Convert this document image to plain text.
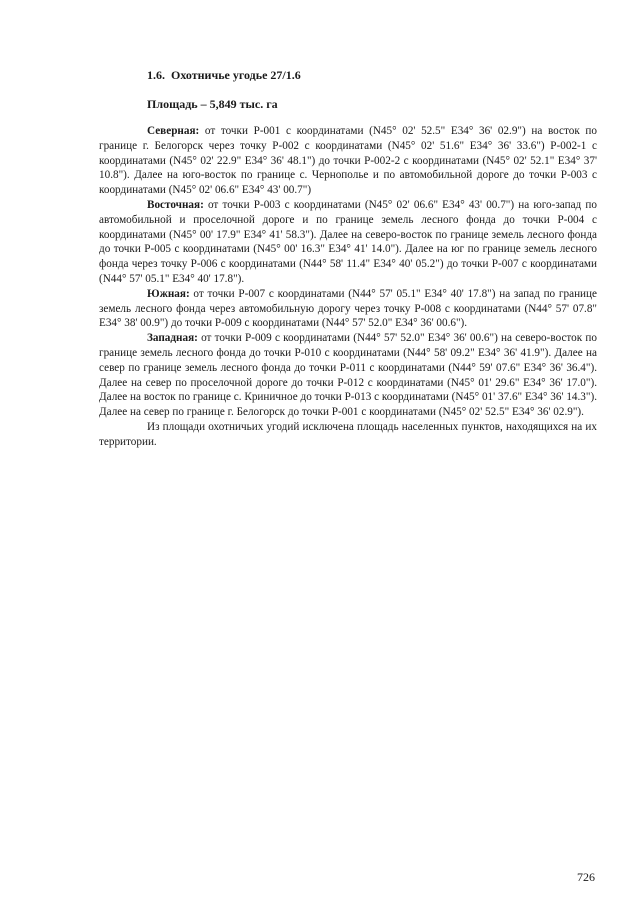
1.6. Охотничье угодье 27/1.6
Площадь – 5,849 тыс. га

Северная: от точки Р-001 с координатами (N45° 02' 52.5" E34° 36' 02.9") на восток по границе г. Белогорск через точку Р-002 с координатами (N45° 02' 51.6" E34° 36' 33.6") Р-002-1 с координатами (N45° 02' 22.9" E34° 36' 48.1") до точки Р-002-2 с координатами (N45° 02' 52.1" E34° 37' 10.8"). Далее на юго-восток по границе с. Чернополье и по автомобильной дороге до точки Р-003 с координатами (N45° 02' 06.6" E34° 43' 00.7")

Восточная: от точки Р-003 с координатами (N45° 02' 06.6" E34° 43' 00.7") на юго-запад по автомобильной и проселочной дороге и по границе земель лесного фонда до точки Р-004 с координатами (N45° 00' 17.9" E34° 41' 58.3"). Далее на северо-восток по границе земель лесного фонда до точки Р-005 с координатами (N45° 00' 16.3" E34° 41' 14.0"). Далее на юг по границе земель лесного фонда через точку Р-006 с координатами (N44° 58' 11.4" E34° 40' 05.2") до точки Р-007 с координатами (N44° 57' 05.1" E34° 40' 17.8").

Южная: от точки Р-007 с координатами (N44° 57' 05.1" E34° 40' 17.8") на запад по границе земель лесного фонда через автомобильную дорогу через точку Р-008 с координатами (N44° 57' 07.8" E34° 38' 00.9") до точки Р-009 с координатами (N44° 57' 52.0" E34° 36' 00.6").

Западная: от точки Р-009 с координатами (N44° 57' 52.0" E34° 36' 00.6") на северо-восток по границе земель лесного фонда до точки Р-010 с координатами (N44° 58' 09.2" E34° 36' 41.9"). Далее на север по границе земель лесного фонда до точки Р-011 с координатами (N44° 59' 07.6" E34° 36' 36.4"). Далее на север по проселочной дороге до точки Р-012 с координатами (N45° 01' 29.6" E34° 36' 17.0"). Далее на восток по границе с. Криничное до точки Р-013 с координатами (N45° 01' 37.6" E34° 36' 14.3"). Далее на север по границе г. Белогорск до точки Р-001 с координатами (N45° 02' 52.5" E34° 36' 02.9").

Из площади охотничьих угодий исключена площадь населенных пунктов, находящихся на их территории.

726
